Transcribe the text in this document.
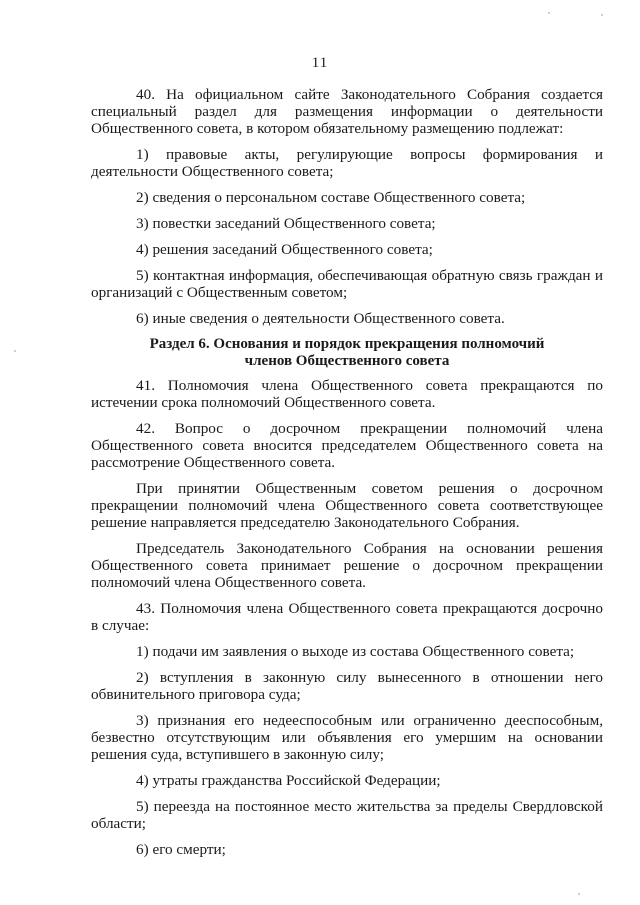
11

40. На официальном сайте Законодательного Собрания создается специальный раздел для размещения информации о деятельности Общественного совета, в котором обязательному размещению подлежат:

1) правовые акты, регулирующие вопросы формирования и деятельности Общественного совета;

2) сведения о персональном составе Общественного совета;

3) повестки заседаний Общественного совета;

4) решения заседаний Общественного совета;

5) контактная информация, обеспечивающая обратную связь граждан и организаций с Общественным советом;

6) иные сведения о деятельности Общественного совета.

Раздел 6. Основания и порядок прекращения полномочий
членов Общественного совета

41. Полномочия члена Общественного совета прекращаются по истечении срока полномочий Общественного совета.

42. Вопрос о досрочном прекращении полномочий члена Общественного совета вносится председателем Общественного совета на рассмотрение Общественного совета.

При принятии Общественным советом решения о досрочном прекращении полномочий члена Общественного совета соответствующее решение направляется председателю Законодательного Собрания.

Председатель Законодательного Собрания на основании решения Общественного совета принимает решение о досрочном прекращении полномочий члена Общественного совета.

43. Полномочия члена Общественного совета прекращаются досрочно в случае:

1) подачи им заявления о выходе из состава Общественного совета;

2) вступления в законную силу вынесенного в отношении него обвинительного приговора суда;

3) признания его недееспособным или ограниченно дееспособным, безвестно отсутствующим или объявления его умершим на основании решения суда, вступившего в законную силу;

4) утраты гражданства Российской Федерации;

5) переезда на постоянное место жительства за пределы Свердловской области;

6) его смерти;
